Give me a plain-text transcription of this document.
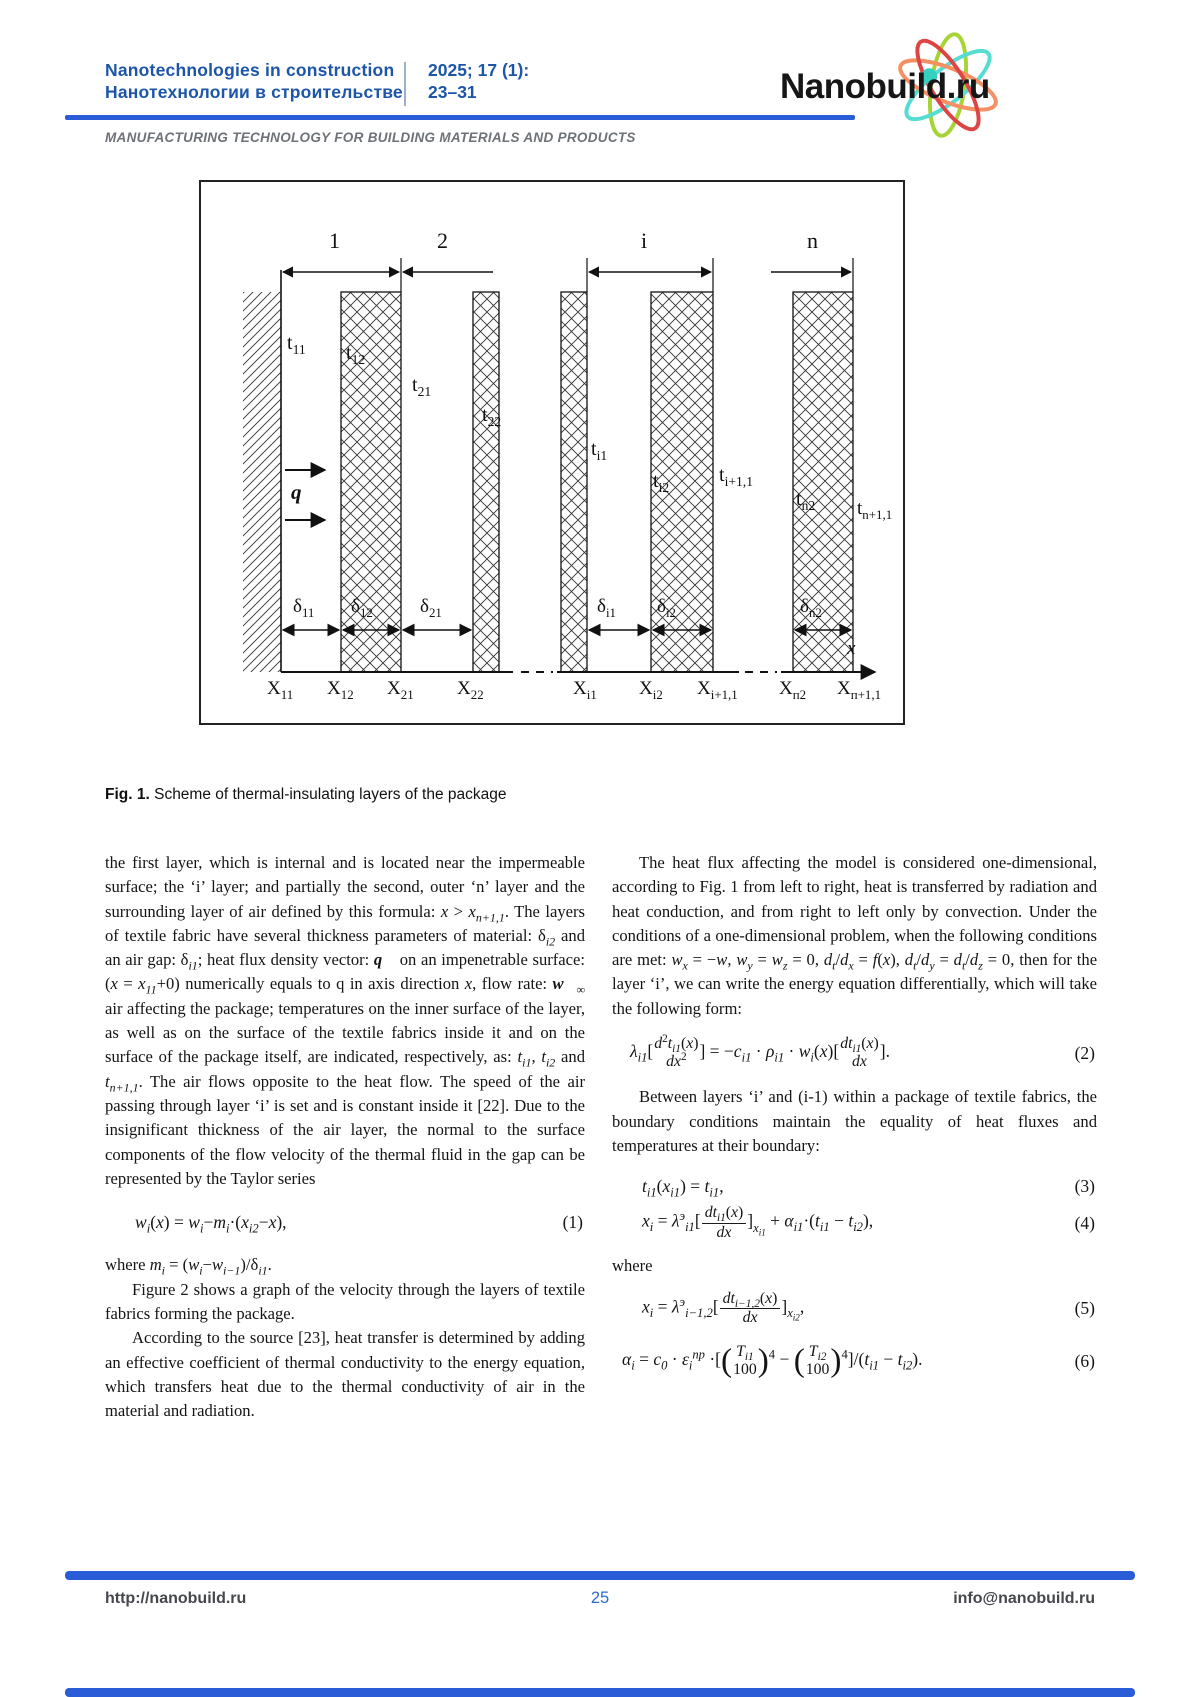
Nanotechnologies in construction
Нанотехнологии в строительстве
2025; 17 (1):
23–31	Nanobuild.ru
MANUFACTURING TECHNOLOGY FOR BUILDING MATERIALS AND PRODUCTS
1	2	i	n
$t_{11}$ $t_{12}$
$t_{21}$
$t_{22}$
$t_{i1}$
$t_{i2}$
$t_{i+1,1}$
$t_{n2}$ $t_{n+1,1}$
q
$\delta_{11}$ $\delta_{12}$ $\delta_{21}$	$\delta_{i1}$ $\delta_{i2}$	$\delta_{n2}$
x
$X_{11}$ $X_{12}$ $X_{21}$ $X_{22}$	$X_{i1}$ $X_{i2}$ $X_{i+1,1}$ $X_{п2}$ $X_{п+1,1}$
Fig. 1. Scheme of thermal-insulating layers of the package

the first layer, which is internal and is located near the impermeable surface; the ‘i’ layer; and partially the second, outer ‘n’ layer and the surrounding layer of air defined by this formula: $x > x_{n+1,1}$. The layers of textile fabric have several thickness parameters of material: $\delta_{i2}$ and an air gap: $\delta_{i1}$; heat flux density vector: q⃗ on an impenetrable surface: $(x = x_{11}+0)$ numerically equals to q in axis direction x, flow rate: $w⃗_\infty$ air affecting the package; temperatures on the inner surface of the layer, as well as on the surface of the textile fabrics inside it and on the surface of the package itself, are indicated, respectively, as: $t_{i1}$, $t_{i2}$ and $t_{n+1,1}$. The air flows opposite to the heat flow. The speed of the air passing through layer ‘i’ is set and is constant inside it [22]. Due to the insignificant thickness of the air layer, the normal to the surface components of the flow velocity of the thermal fluid in the gap can be represented by the Taylor series

$w_i(x) = w_i-m_i\cdot(x_{i2}-x)$,	(1)

where $m_i = (w_i-w_{i-1})/\delta_{i1}$.

Figure 2 shows a graph of the velocity through the layers of textile fabrics forming the package.

According to the source [23], heat transfer is determined by adding an effective coefficient of thermal conductivity to the energy equation, which transfers heat due to the thermal conductivity of air in the material and radiation.

The heat flux affecting the model is considered one-dimensional, according to Fig. 1 from left to right, heat is transferred by radiation and heat conduction, and from right to left only by convection. Under the conditions of a one-dimensional problem, when the following conditions are met: $w_x = -w$, $w_y = w_z = 0$, $d_t/d_x = f(x)$, $d_t/d_y = d_t/d_z = 0$, then for the layer ‘i’, we can write the energy equation differentially, which will take the following form:

$\lambda_{i1}$[ $d^2t_{i1}(x)$
$dx^2$ ] = $-c_{i1} \cdot \rho_{i1} \cdot w_i(x)$[ $dt_{i1}(x)$
dx
].	(2)

Between layers ‘i’ and (i-1) within a package of textile fabrics, the boundary conditions maintain the equality of heat fluxes and temperatures at their boundary:

$t_{i1}(x_{i1}) = t_{i1}$,	(3)
$x_i = \lambda^э_{i1}[ \frac{dt_{i1}(x)}{dx} ]_{x_{i1}} + \alpha_{i1}\cdot(t_{i1} - t_{i2})$,	(4)

where

$x_i = \lambda^э_{i-1,2}[ \frac{dt_{i-1,2}(x)}{dx} ]_{x_{i2}}$,	(5)
$\alpha_i = c_0 \cdot \varepsilon_i^{np}$ ·[( $T_{i1}$
100 )$^4$ − ( $T_{i2}$
100 )$^4]/(t_{i1} - t_{i2})$.	(6)
http://nanobuild.ru	25	info@nanobuild.ru
